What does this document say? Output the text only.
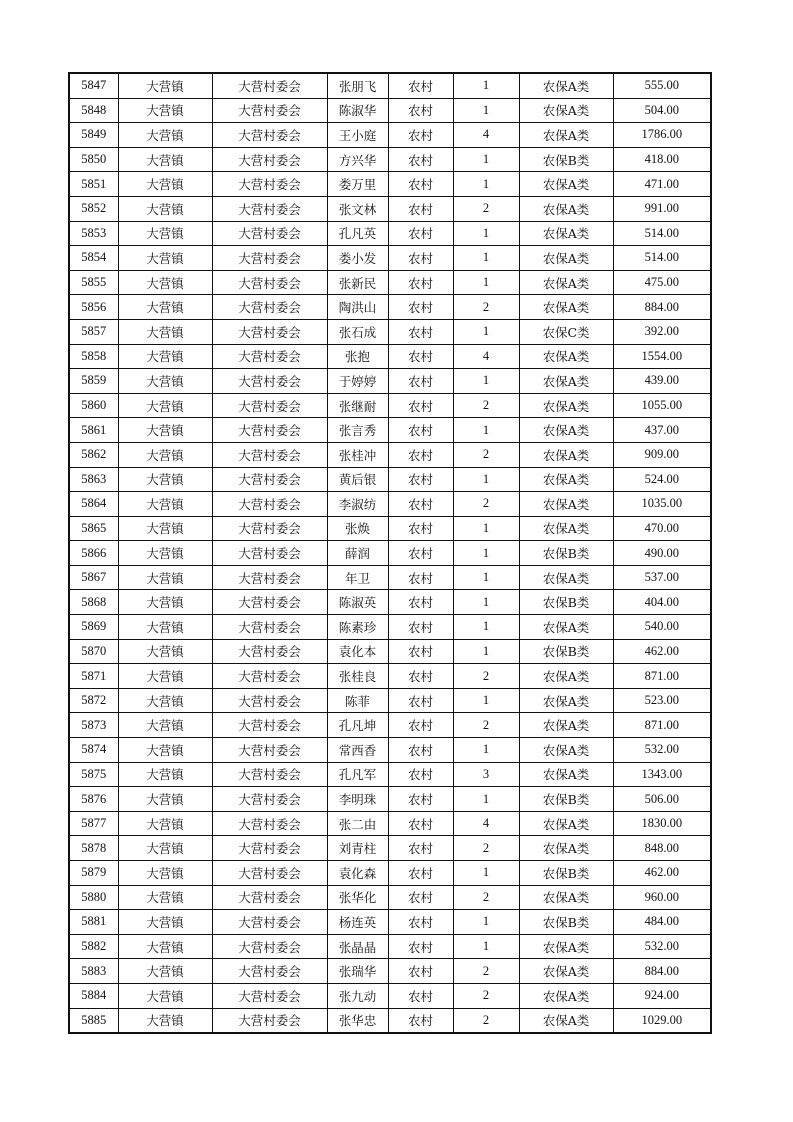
5847	大营镇	大营村委会	张朋飞	农村	1	农保A类	555.00
5848	大营镇	大营村委会	陈淑华	农村	1	农保A类	504.00
5849	大营镇	大营村委会	王小庭	农村	4	农保A类	1786.00
5850	大营镇	大营村委会	方兴华	农村	1	农保B类	418.00
5851	大营镇	大营村委会	娄万里	农村	1	农保A类	471.00
5852	大营镇	大营村委会	张文林	农村	2	农保A类	991.00
5853	大营镇	大营村委会	孔凡英	农村	1	农保A类	514.00
5854	大营镇	大营村委会	娄小发	农村	1	农保A类	514.00
5855	大营镇	大营村委会	张新民	农村	1	农保A类	475.00
5856	大营镇	大营村委会	陶洪山	农村	2	农保A类	884.00
5857	大营镇	大营村委会	张石成	农村	1	农保C类	392.00
5858	大营镇	大营村委会	张抱	农村	4	农保A类	1554.00
5859	大营镇	大营村委会	于婷婷	农村	1	农保A类	439.00
5860	大营镇	大营村委会	张继耐	农村	2	农保A类	1055.00
5861	大营镇	大营村委会	张言秀	农村	1	农保A类	437.00
5862	大营镇	大营村委会	张桂冲	农村	2	农保A类	909.00
5863	大营镇	大营村委会	黄后银	农村	1	农保A类	524.00
5864	大营镇	大营村委会	李淑纺	农村	2	农保A类	1035.00
5865	大营镇	大营村委会	张焕	农村	1	农保A类	470.00
5866	大营镇	大营村委会	薛润	农村	1	农保B类	490.00
5867	大营镇	大营村委会	年卫	农村	1	农保A类	537.00
5868	大营镇	大营村委会	陈淑英	农村	1	农保B类	404.00
5869	大营镇	大营村委会	陈素珍	农村	1	农保A类	540.00
5870	大营镇	大营村委会	袁化本	农村	1	农保B类	462.00
5871	大营镇	大营村委会	张桂良	农村	2	农保A类	871.00
5872	大营镇	大营村委会	陈菲	农村	1	农保A类	523.00
5873	大营镇	大营村委会	孔凡坤	农村	2	农保A类	871.00
5874	大营镇	大营村委会	常西香	农村	1	农保A类	532.00
5875	大营镇	大营村委会	孔凡军	农村	3	农保A类	1343.00
5876	大营镇	大营村委会	李明珠	农村	1	农保B类	506.00
5877	大营镇	大营村委会	张二由	农村	4	农保A类	1830.00
5878	大营镇	大营村委会	刘青柱	农村	2	农保A类	848.00
5879	大营镇	大营村委会	袁化森	农村	1	农保B类	462.00
5880	大营镇	大营村委会	张华化	农村	2	农保A类	960.00
5881	大营镇	大营村委会	杨连英	农村	1	农保B类	484.00
5882	大营镇	大营村委会	张晶晶	农村	1	农保A类	532.00
5883	大营镇	大营村委会	张瑞华	农村	2	农保A类	884.00
5884	大营镇	大营村委会	张九动	农村	2	农保A类	924.00
5885	大营镇	大营村委会	张华忠	农村	2	农保A类	1029.00
